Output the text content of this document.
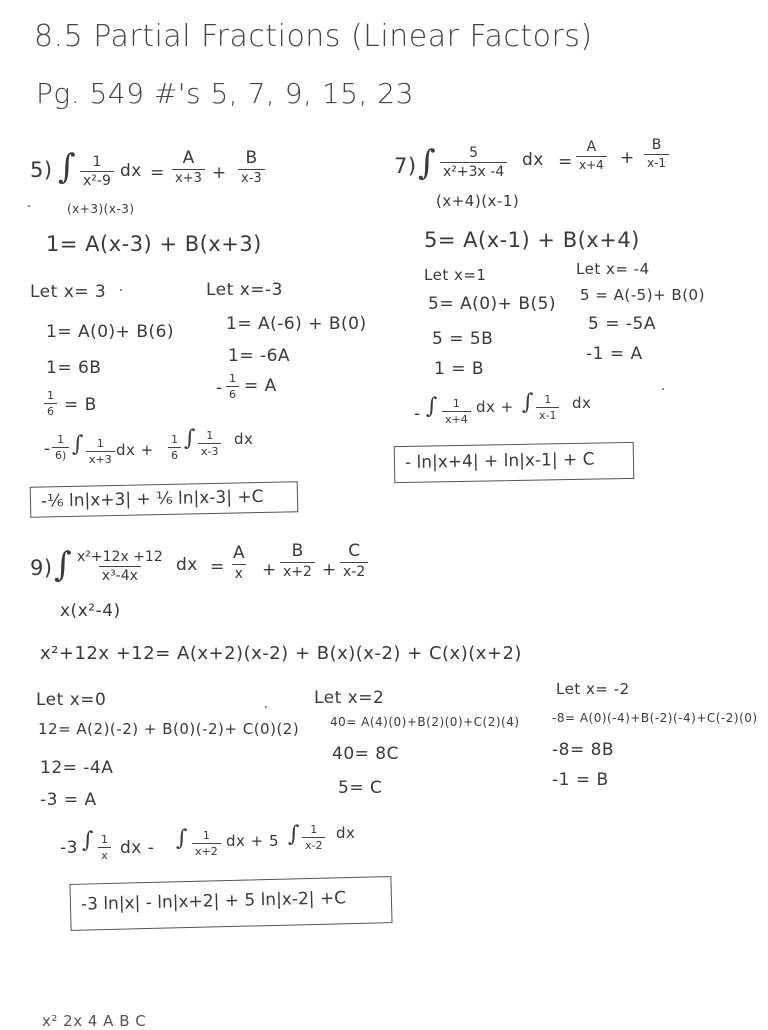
8.5 Partial Fractions (Linear Factors)
Pg. 549 #'s 5, 7, 9, 15, 23
5) ∫ $\frac{1}{\text{x²-9}}$ dx =
A
x+3 +
B
x-3
(x+3)(x-3)
1= A(x-3) + B(x+3)
Let x= 3
1= A(0)+ B(6)
1= 6B
$\frac{1}{6} = B$
Let x=-3
1= A(-6) + B(0)
1= -6A
- $\frac{1}{6} = A$
- $\frac{1}{6)}$ ∫ $\frac{1}{x+3}$ dx + $\frac{1}{6}$ ∫ $\frac{1}{x-3}$ dx
-⅙ ln|x+3| + ⅙ ln|x-3| +C
7) ∫ $\frac{5}{\text{x²+3x -4}}$ dx = $\frac{A}{x+4} + \frac{B}{x-1}$
(x+4)(x-1)
5= A(x-1) + B(x+4)
Let x=1
5= A(0)+ B(5)
5 = 5B
1 = B
Let x= -4
5 = A(-5)+ B(0)
5 = -5A
-1 = A
- ∫ $\frac{1}{x+4}$ dx + ∫ $\frac{1}{x-1}$ dx
- ln|x+4| + ln|x-1| + C
9) ∫ $\frac{\text{x²+12x +12}}{\text{x³-4x}}$ dx =
A
x +
B
x+2 +
C
x-2
x(x²-4)
x²+12x +12= A(x+2)(x-2) + B(x)(x-2) + C(x)(x+2)
Let x=0
12= A(2)(-2) + B(0)(-2)+ C(0)(2)
12= -4A
-3 = A
Let x=2
40= A(4)(0)+B(2)(0)+C(2)(4)
40= 8C
5= C
Let x= -2
-8= A(0)(-4)+B(-2)(-4)+C(-2)(0)
-8= 8B
-1 = B
-3 ∫ $\frac{1}{x}$ dx - ∫ $\frac{1}{x+2}$ dx + 5 ∫ $\frac{1}{x-2}$ dx
-3 ln|x| - ln|x+2| + 5 ln|x-2| +C
x² 2x 4 A B C
